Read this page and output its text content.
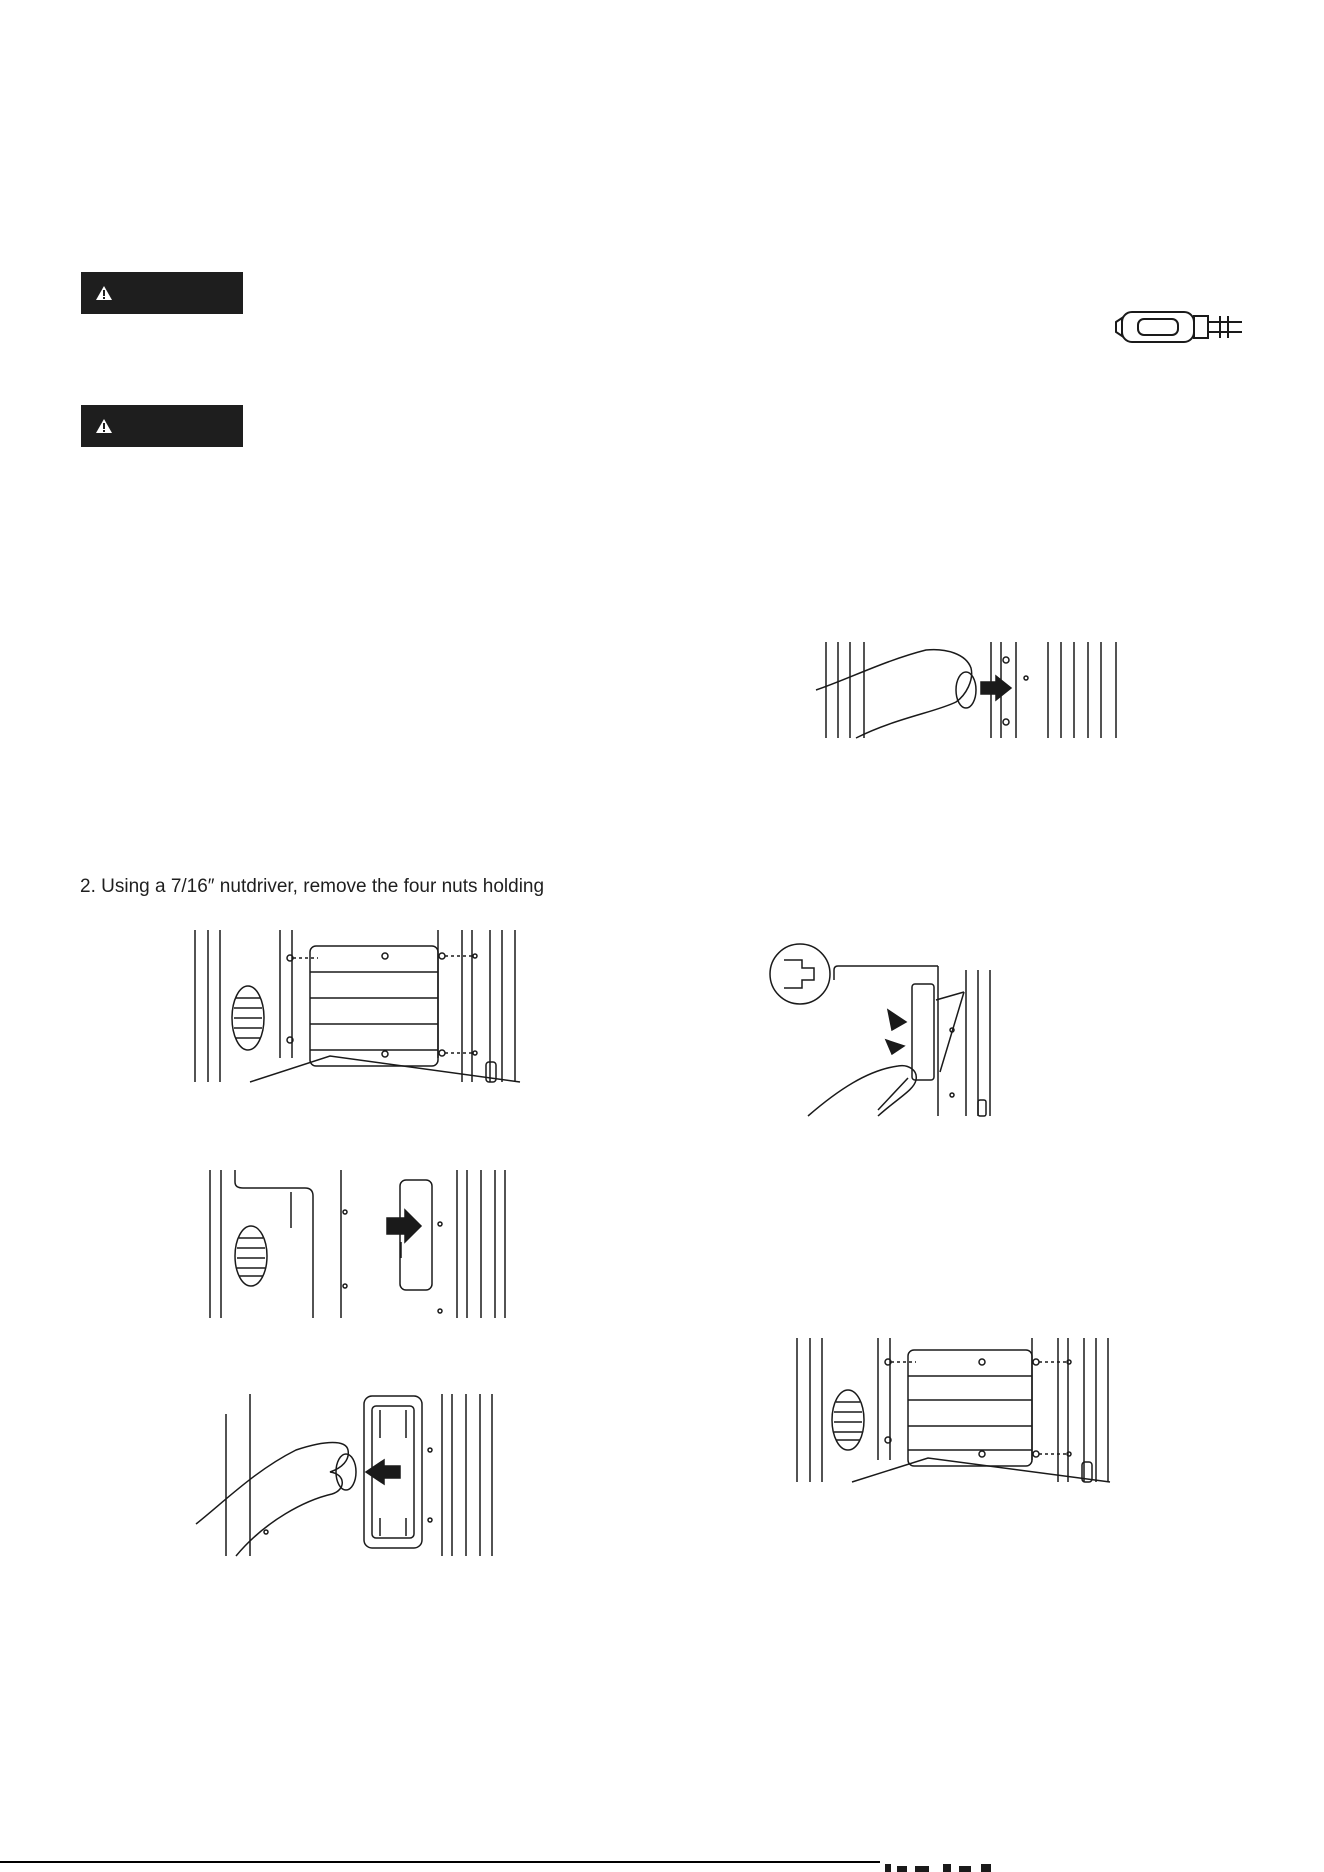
2. Using a 7/16″ nutdriver, remove the four nuts holding
